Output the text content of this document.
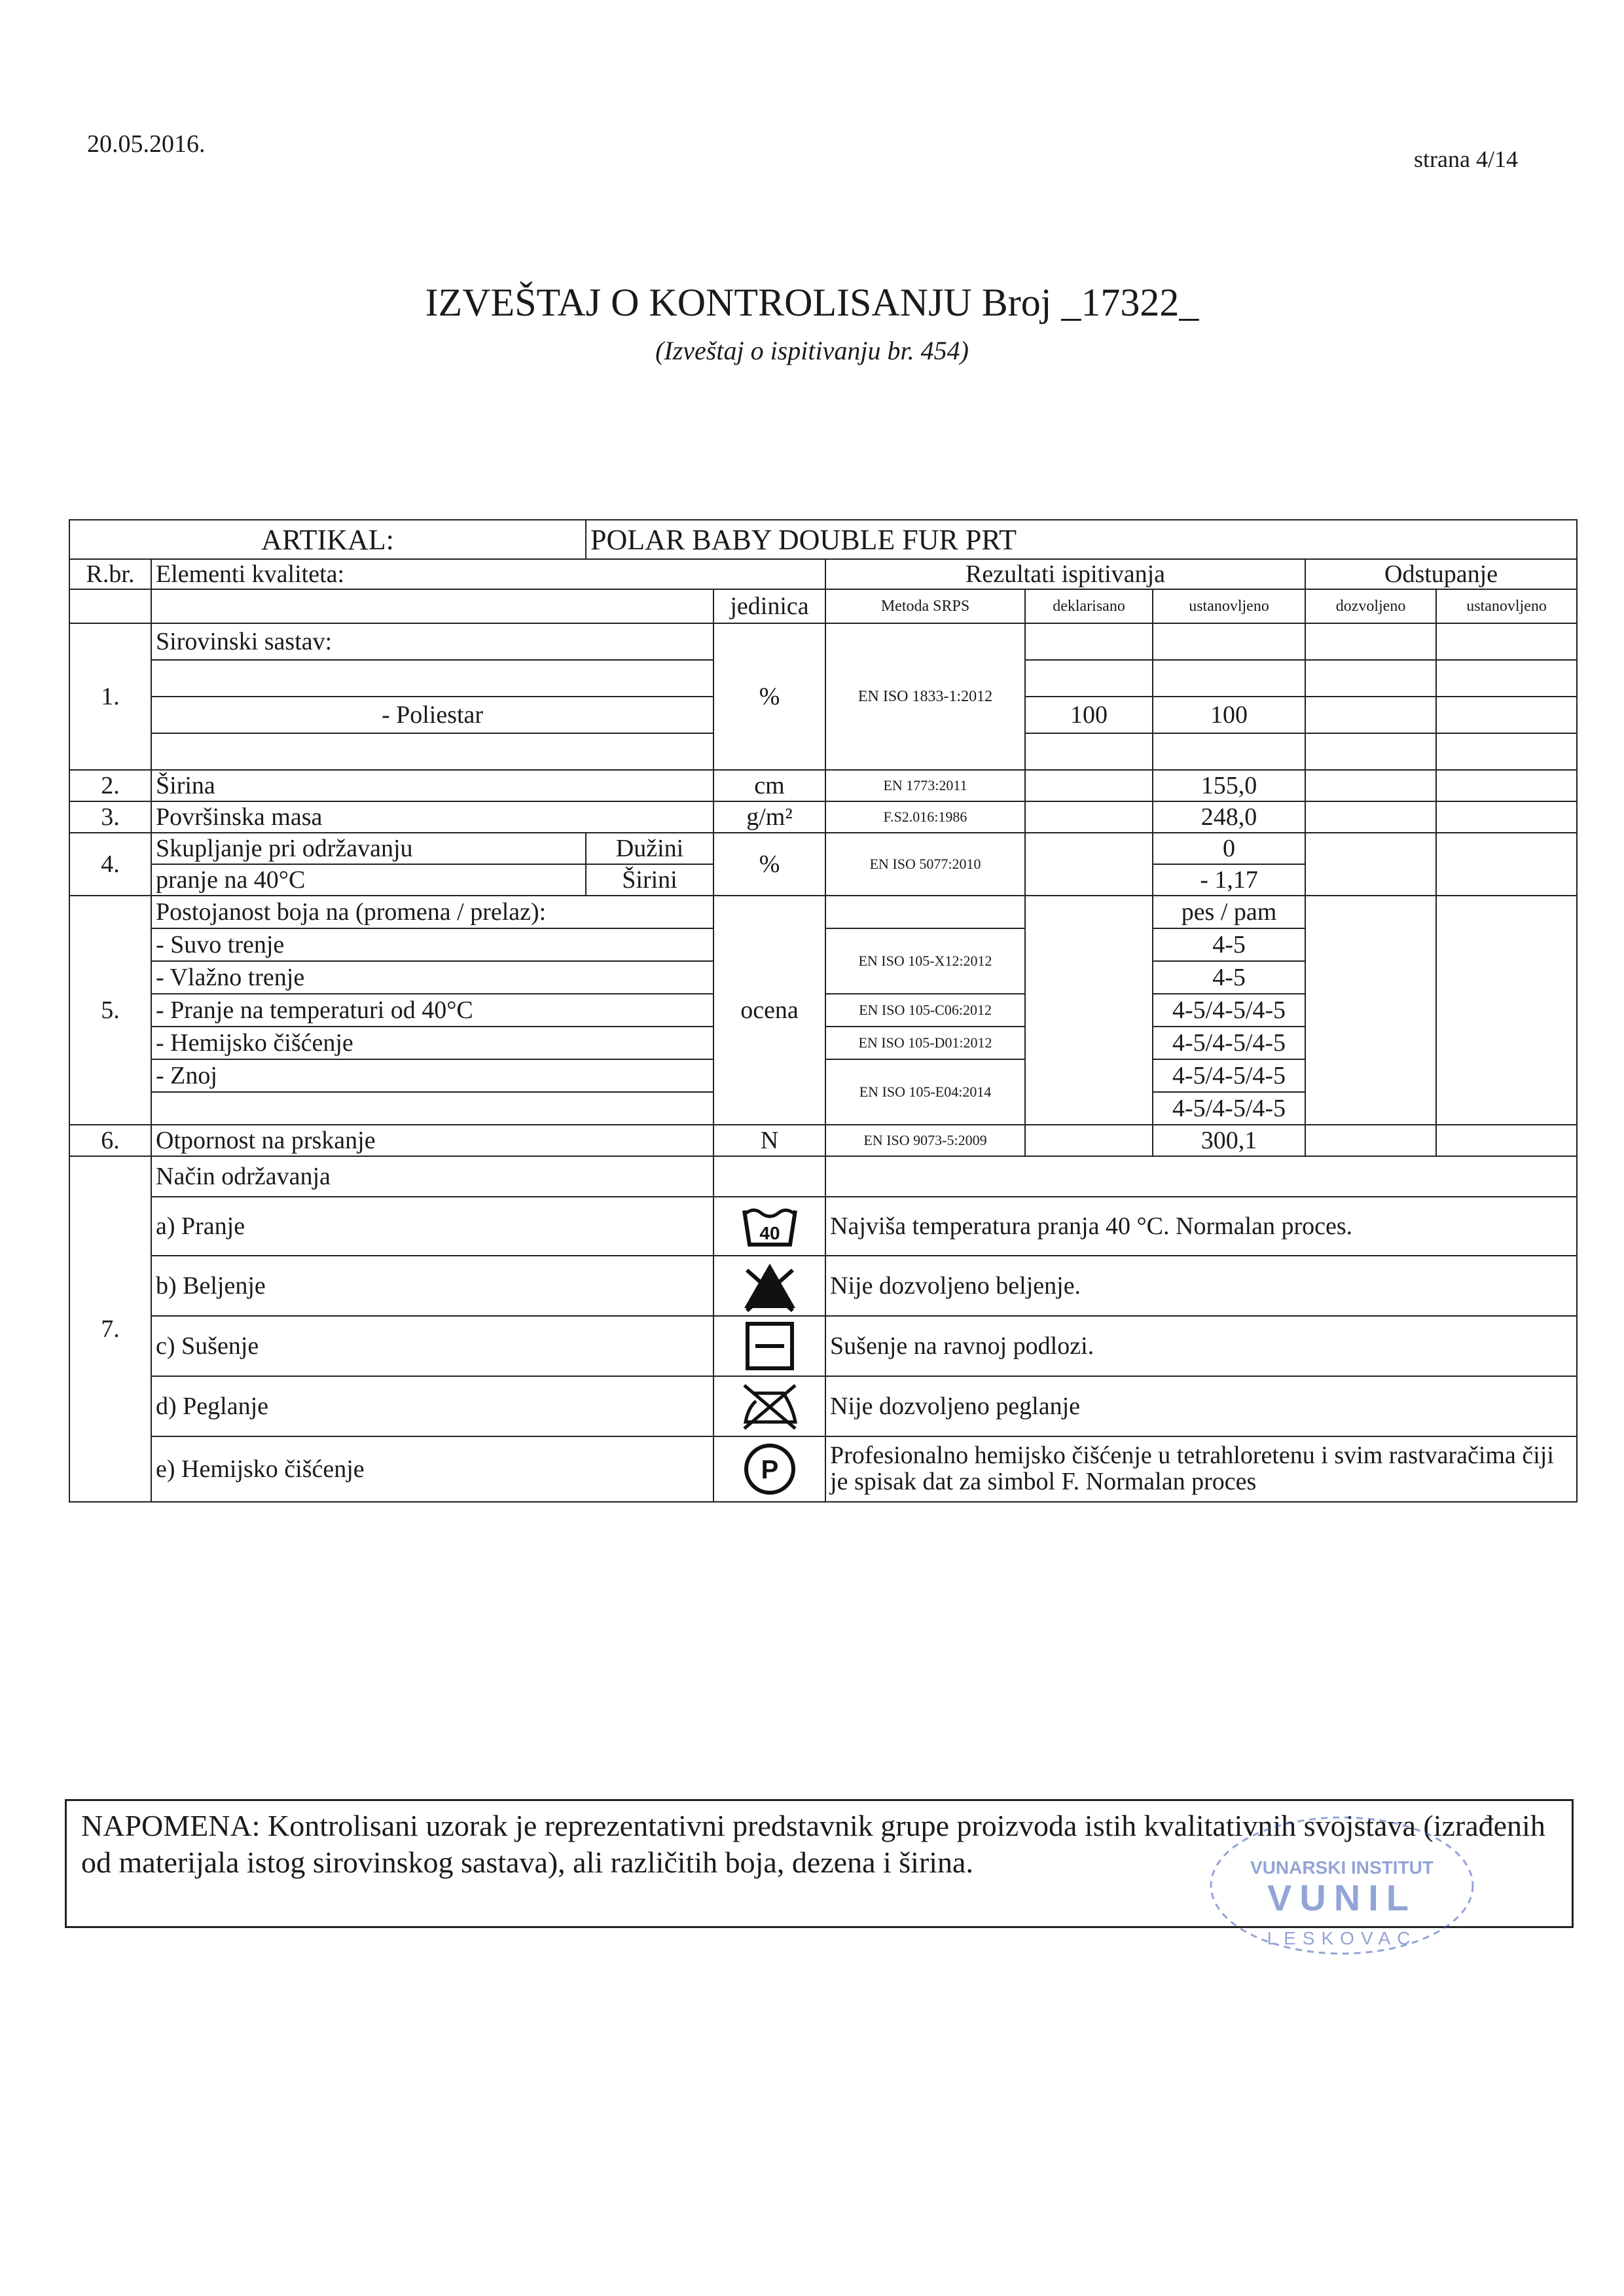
20.05.2016.
strana 4/14
IZVEŠTAJ O KONTROLISANJU Broj _17322_
(Izveštaj o ispitivanju br. 454)
ARTIKAL:		POLAR BABY DOUBLE FUR PRT						
R.br.	Elementi kvaliteta:			Rezultati ispitivanja			Odstupanje	
			jedinica	Metoda SRPS	deklarisano	ustanovljeno	dozvoljeno	ustanovljeno
1.	Sirovinski sastav:		%	EN ISO 1833-1:2012				

	- Poliestar				100	100		

2.	Širina		cm	EN 1773:2011		155,0		
3.	Površinska masa		g/m²	F.S2.016:1986		248,0		
4.	Skupljanje pri održavanju	Dužini	%	EN ISO 5077:2010		0		
	pranje na 40°C	Širini				- 1,17		
5.	Postojanost boja na (promena / prelaz):		ocena			pes / pam		
	- Suvo trenje			EN ISO 105-X12:2012		4-5		
	- Vlažno trenje					4-5		
	- Pranje na temperaturi od 40°C			EN ISO 105-C06:2012		4-5/4-5/4-5		
	- Hemijsko čišćenje			EN ISO 105-D01:2012		4-5/4-5/4-5		
	- Znoj			EN ISO 105-E04:2014		4-5/4-5/4-5		
						4-5/4-5/4-5		
6.	Otpornost na prskanje		N	EN ISO 9073-5:2009		300,1		
7.	Način održavanja							
	a) Pranje		40	Najviša temperatura pranja 40 °C. Normalan proces.				
	b) Beljenje			Nije dozvoljeno beljenje.				
	c) Sušenje			Sušenje na ravnoj podlozi.				
	d) Peglanje			Nije dozvoljeno peglanje				
	e) Hemijsko čišćenje		P	Profesionalno hemijsko čišćenje u tetrahloretenu i svim rastvaračima čiji je spisak dat za simbol F. Normalan proces				
NAPOMENA: Kontrolisani uzorak je reprezentativni predstavnik grupe proizvoda istih kvalitativnih svojstava (izrađenih od materijala istog sirovinskog sastava), ali različitih boja, dezena i širina.	VUNARSKI INSTITUT
VUNIL
LESKOVAC
